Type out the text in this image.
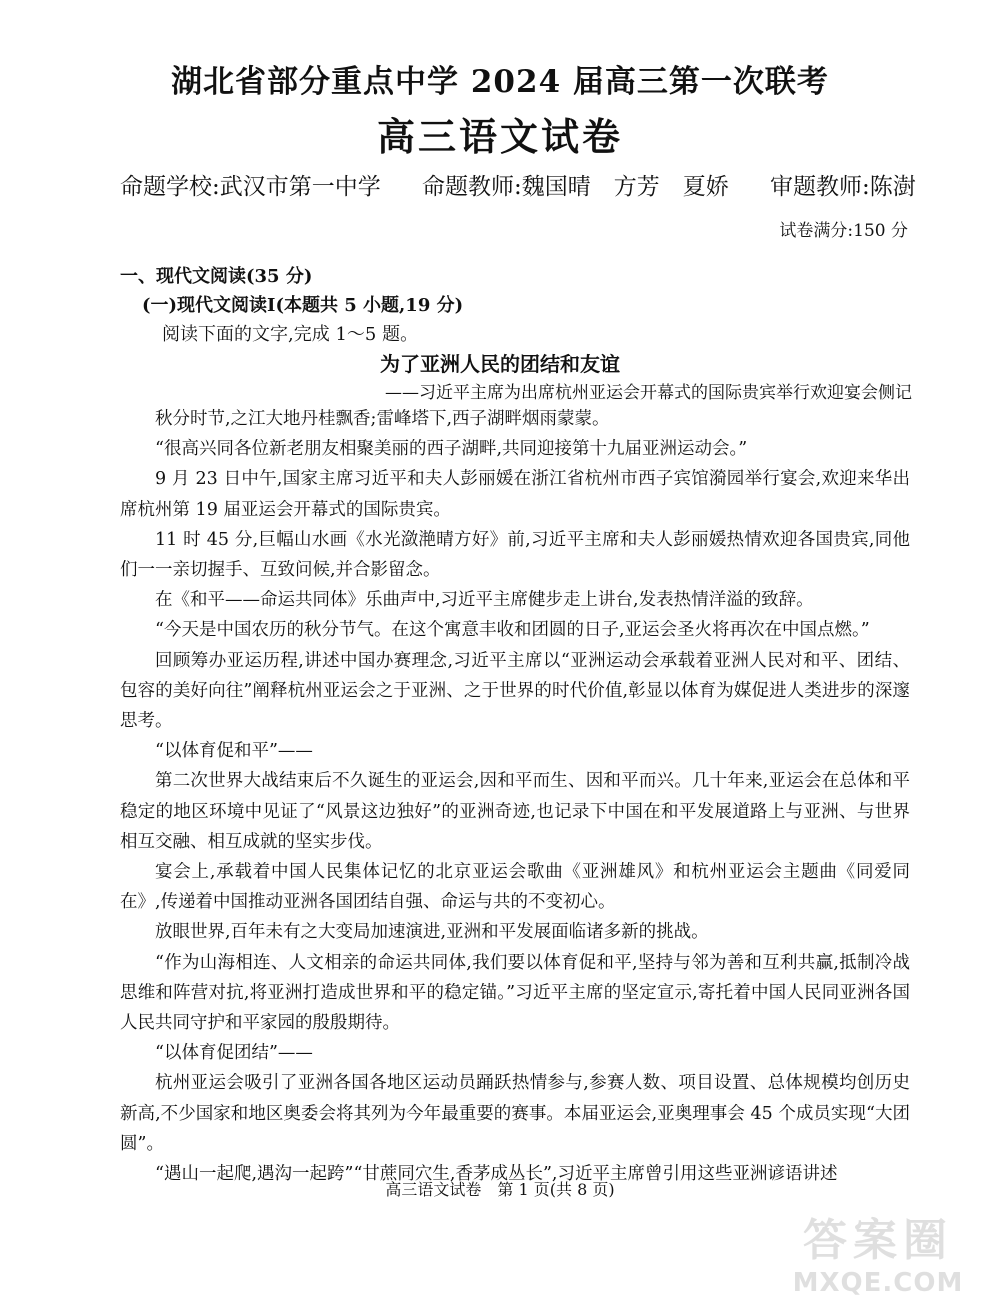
湖北省部分重点中学 2024 届高三第一次联考
高三语文试卷
命题学校:武汉市第一中学 命题教师:魏国晴　方芳　夏娇 审题教师:陈澍
试卷满分:150 分
一、现代文阅读(35 分)
(一)现代文阅读Ⅰ(本题共 5 小题,19 分)
阅读下面的文字,完成 1～5 题。
为了亚洲人民的团结和友谊
——习近平主席为出席杭州亚运会开幕式的国际贵宾举行欢迎宴会侧记

秋分时节,之江大地丹桂飘香;雷峰塔下,西子湖畔烟雨蒙蒙。

“很高兴同各位新老朋友相聚美丽的西子湖畔,共同迎接第十九届亚洲运动会。”

9 月 23 日中午,国家主席习近平和夫人彭丽媛在浙江省杭州市西子宾馆漪园举行宴会,欢迎来华出席杭州第 19 届亚运会开幕式的国际贵宾。

11 时 45 分,巨幅山水画《水光潋滟晴方好》前,习近平主席和夫人彭丽媛热情欢迎各国贵宾,同他们一一亲切握手、互致问候,并合影留念。

在《和平——命运共同体》乐曲声中,习近平主席健步走上讲台,发表热情洋溢的致辞。

“今天是中国农历的秋分节气。在这个寓意丰收和团圆的日子,亚运会圣火将再次在中国点燃。”

回顾筹办亚运历程,讲述中国办赛理念,习近平主席以“亚洲运动会承载着亚洲人民对和平、团结、包容的美好向往”阐释杭州亚运会之于亚洲、之于世界的时代价值,彰显以体育为媒促进人类进步的深邃思考。

“以体育促和平”——

第二次世界大战结束后不久诞生的亚运会,因和平而生、因和平而兴。几十年来,亚运会在总体和平稳定的地区环境中见证了“风景这边独好”的亚洲奇迹,也记录下中国在和平发展道路上与亚洲、与世界相互交融、相互成就的坚实步伐。

宴会上,承载着中国人民集体记忆的北京亚运会歌曲《亚洲雄风》和杭州亚运会主题曲《同爱同在》,传递着中国推动亚洲各国团结自强、命运与共的不变初心。

放眼世界,百年未有之大变局加速演进,亚洲和平发展面临诸多新的挑战。

“作为山海相连、人文相亲的命运共同体,我们要以体育促和平,坚持与邻为善和互利共赢,抵制冷战思维和阵营对抗,将亚洲打造成世界和平的稳定锚。”习近平主席的坚定宣示,寄托着中国人民同亚洲各国人民共同守护和平家园的殷殷期待。

“以体育促团结”——

杭州亚运会吸引了亚洲各国各地区运动员踊跃热情参与,参赛人数、项目设置、总体规模均创历史新高,不少国家和地区奥委会将其列为今年最重要的赛事。本届亚运会,亚奥理事会 45 个成员实现“大团圆”。

“遇山一起爬,遇沟一起跨”“甘蔗同穴生,香茅成丛长”,习近平主席曾引用这些亚洲谚语讲述

高三语文试卷　第 1 页(共 8 页)
答案圈
MXQE.COM
